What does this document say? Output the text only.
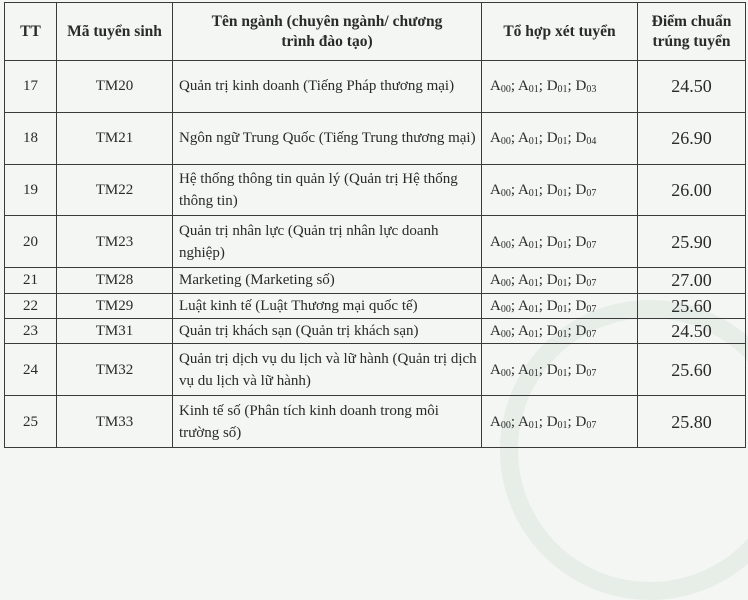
TT	Mã tuyển sinh	Tên ngành (chuyên ngành/ chương trình đào tạo)	Tổ hợp xét tuyển	Điểm chuẩn trúng tuyển
17	TM20	Quản trị kinh doanh (Tiếng Pháp thương mại)	$A_{00}$; $A_{01}$; $D_{01}$; $D_{03}$	24.50
18	TM21	Ngôn ngữ Trung Quốc (Tiếng Trung thương mại)	$A_{00}$; $A_{01}$; $D_{01}$; $D_{04}$	26.90
19	TM22	Hệ thống thông tin quản lý (Quản trị Hệ thống thông tin)	$A_{00}$; $A_{01}$; $D_{01}$; $D_{07}$	26.00
20	TM23	Quản trị nhân lực (Quản trị nhân lực doanh nghiệp)	$A_{00}$; $A_{01}$; $D_{01}$; $D_{07}$	25.90
21	TM28	Marketing (Marketing số)	$A_{00}$; $A_{01}$; $D_{01}$; $D_{07}$	27.00
22	TM29	Luật kinh tế (Luật Thương mại quốc tế)	$A_{00}$; $A_{01}$; $D_{01}$; $D_{07}$	25.60
23	TM31	Quản trị khách sạn (Quản trị khách sạn)	$A_{00}$; $A_{01}$; $D_{01}$; $D_{07}$	24.50
24	TM32	Quản trị dịch vụ du lịch và lữ hành (Quản trị dịch vụ du lịch và lữ hành)	$A_{00}$; $A_{01}$; $D_{01}$; $D_{07}$	25.60
25	TM33	Kinh tế số (Phân tích kinh doanh trong môi trường số)	$A_{00}$; $A_{01}$; $D_{01}$; $D_{07}$	25.80
